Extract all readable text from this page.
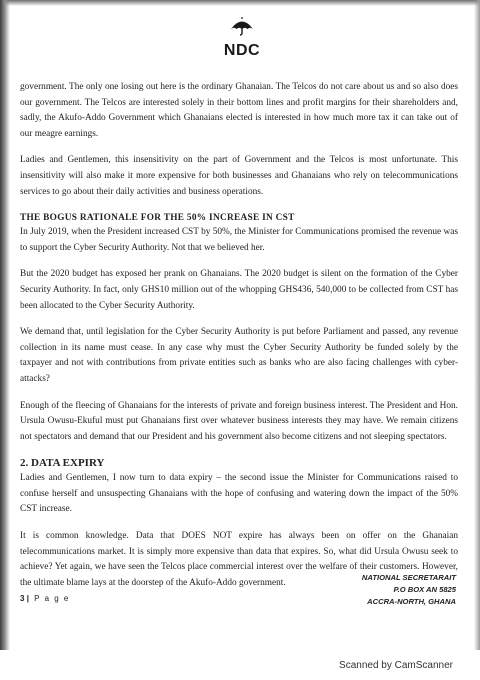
NDC

government. The only one losing out here is the ordinary Ghanaian. The Telcos do not care about us and so also does our government. The Telcos are interested solely in their bottom lines and profit margins for their shareholders and, sadly, the Akufo-Addo Government which Ghanaians elected is interested in how much more tax it can take out of our meagre earnings.

Ladies and Gentlemen, this insensitivity on the part of Government and the Telcos is most unfortunate. This insensitivity will also make it more expensive for both businesses and Ghanaians who rely on telecommunications services to go about their daily activities and business operations.

THE BOGUS RATIONALE FOR THE 50% INCREASE IN CST

In July 2019, when the President increased CST by 50%, the Minister for Communications promised the revenue was to support the Cyber Security Authority. Not that we believed her.

But the 2020 budget has exposed her prank on Ghanaians. The 2020 budget is silent on the formation of the Cyber Security Authority. In fact, only GHS10 million out of the whopping GHS436, 540,000 to be collected from CST has been allocated to the Cyber Security Authority.

We demand that, until legislation for the Cyber Security Authority is put before Parliament and passed, any revenue collection in its name must cease. In any case why must the Cyber Security Authority be funded solely by the taxpayer and not with contributions from private entities such as banks who are also facing challenges with cyber-attacks?

Enough of the fleecing of Ghanaians for the interests of private and foreign business interest. The President and Hon. Ursula Owusu-Ekuful must put Ghanaians first over whatever business interests they may have. We remain citizens not spectators and demand that our President and his government also become citizens and not sleeping spectators.

2. DATA EXPIRY

Ladies and Gentlemen, I now turn to data expiry – the second issue the Minister for Communications raised to confuse herself and unsuspecting Ghanaians with the hope of confusing and watering down the impact of the 50% CST increase.

It is common knowledge. Data that DOES NOT expire has always been on offer on the Ghanaian telecommunications market. It is simply more expensive than data that expires. So, what did Ursula Owusu seek to achieve? Yet again, we have seen the Telcos place commercial interest over the welfare of their customers. However, the ultimate blame lays at the doorstep of the Akufo-Addo government.

NATIONAL SECRETARAIT
P.O BOX AN 5825
ACCRA-NORTH, GHANA
3 | P a g e
Scanned by CamScanner
